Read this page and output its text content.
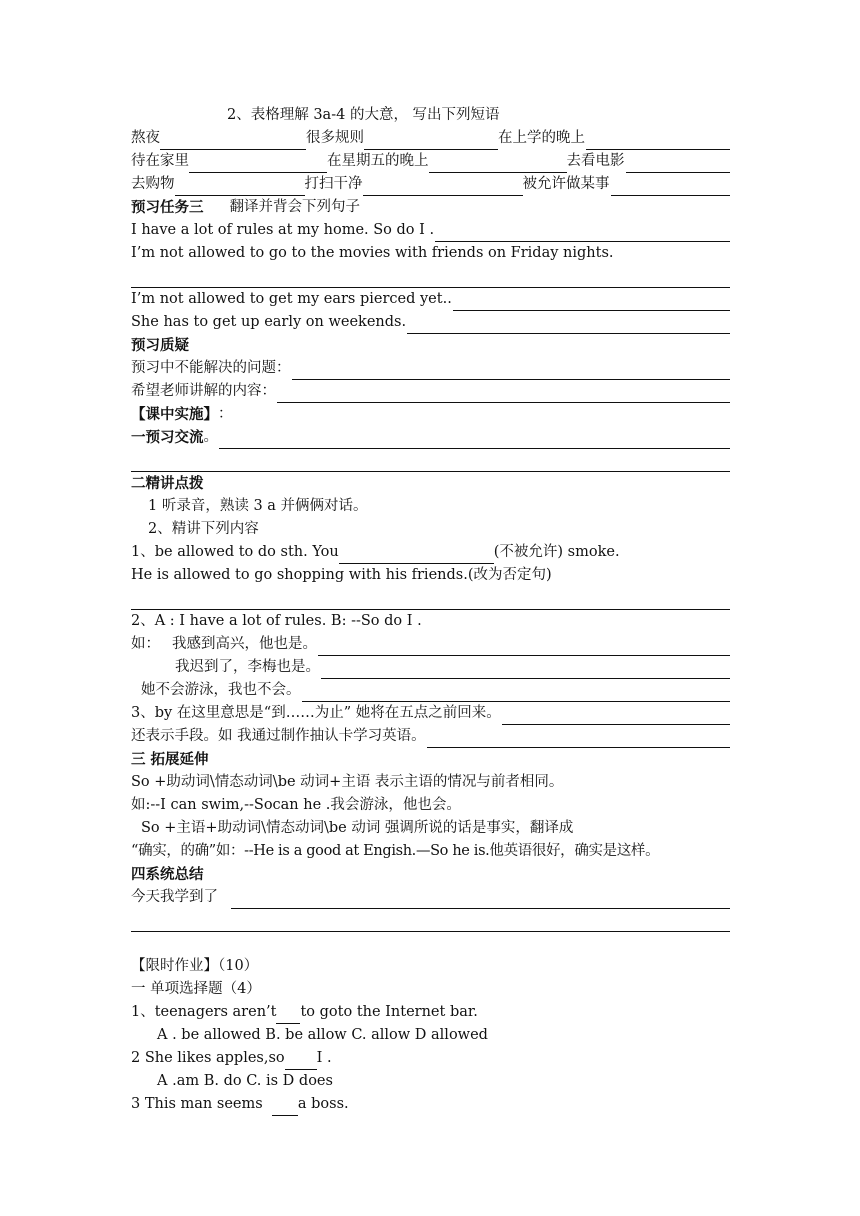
2、表格理解 3a-4 的大意， 写出下列短语
熬夜	很多规则	在上学的晚上
待在家里	在星期五的晚上	去看电影
去购物	打扫干净	被允许做某事
预习任务三 翻译并背会下列句子
I have a lot of rules at my home. So do I .
I’m not allowed to go to the movies with friends on Friday nights.
I’m not allowed to get my ears pierced yet..
She has to get up early on weekends.
预习质疑
预习中不能解决的问题：
希望老师讲解的内容：
【课中实施】 ：
一预习交流 。
二精讲点拨
1 听录音，熟读 3 a 并俩俩对话。
2、精讲下列内容
1、be allowed to do sth. You	(不被允许) smoke.
He is allowed to go shopping with his friends.(改为否定句)
2、A : I have a lot of rules. B: --So do I .
如： 我感到高兴，他也是。
我迟到了，李梅也是。
她不会游泳，我也不会。
3、by 在这里意思是“到……为止” 她将在五点之前回来。
还表示手段。如 我通过制作抽认卡学习英语。
三 拓展延伸
So +助动词\情态动词\be 动词+主语 表示主语的情况与前者相同。
如:--I can swim,--Socan he .我会游泳，他也会。
So +主语+助动词\情态动词\be 动词 强调所说的话是事实，翻译成
“确实，的确”如：--He is a good at Engish.—So he is.他英语很好，确实是这样。
四系统总结
今天我学到了
【限时作业】（10）
一 单项选择题（4）
1、teenagers aren’t to goto the Internet bar.
A . be allowed B. be allow C. allow D allowed
2 She likes apples,so I .
A .am B. do C. is D does
3 This man seems a boss.
